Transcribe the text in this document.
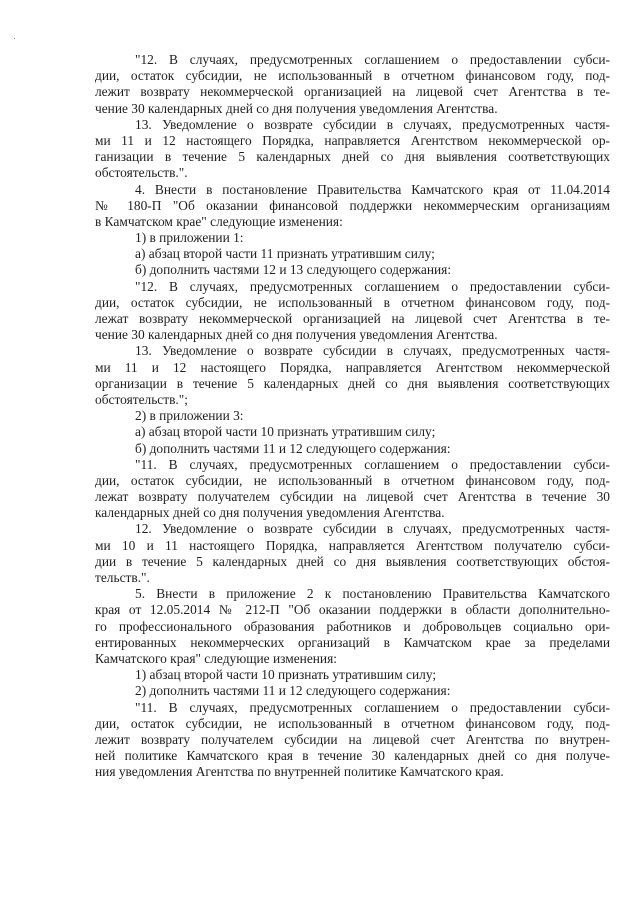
"12. В случаях, предусмотренных соглашением о предоставлении субси-
дии, остаток субсидии, не использованный в отчетном финансовом году, под-
лежит возврату некоммерческой организацией на лицевой счет Агентства в те-
чение 30 календарных дней со дня получения уведомления Агентства.
13. Уведомление о возврате субсидии в случаях, предусмотренных частя-
ми 11 и 12 настоящего Порядка, направляется Агентством некоммерческой ор-
ганизации в течение 5 календарных дней со дня выявления соответствующих
обстоятельств.".
4. Внести в постановление Правительства Камчатского края от 11.04.2014
№ 180-П "Об оказании финансовой поддержки некоммерческим организациям
в Камчатском крае" следующие изменения:
1) в приложении 1:
а) абзац второй части 11 признать утратившим силу;
б) дополнить частями 12 и 13 следующего содержания:
"12. В случаях, предусмотренных соглашением о предоставлении субси-
дии, остаток субсидии, не использованный в отчетном финансовом году, под-
лежат возврату некоммерческой организацией на лицевой счет Агентства в те-
чение 30 календарных дней со дня получения уведомления Агентства.
13. Уведомление о возврате субсидии в случаях, предусмотренных частя-
ми 11 и 12 настоящего Порядка, направляется Агентством некоммерческой
организации в течение 5 календарных дней со дня выявления соответствующих
обстоятельств.";
2) в приложении 3:
а) абзац второй части 10 признать утратившим силу;
б) дополнить частями 11 и 12 следующего содержания:
"11. В случаях, предусмотренных соглашением о предоставлении субси-
дии, остаток субсидии, не использованный в отчетном финансовом году, под-
лежат возврату получателем субсидии на лицевой счет Агентства в течение 30
календарных дней со дня получения уведомления Агентства.
12. Уведомление о возврате субсидии в случаях, предусмотренных частя-
ми 10 и 11 настоящего Порядка, направляется Агентством получателю субси-
дии в течение 5 календарных дней со дня выявления соответствующих обстоя-
тельств.".
5. Внести в приложение 2 к постановлению Правительства Камчатского
края от 12.05.2014 № 212-П "Об оказании поддержки в области дополнительно-
го профессионального образования работников и добровольцев социально ори-
ентированных некоммерческих организаций в Камчатском крае за пределами
Камчатского края" следующие изменения:
1) абзац второй части 10 признать утратившим силу;
2) дополнить частями 11 и 12 следующего содержания:
"11. В случаях, предусмотренных соглашением о предоставлении субси-
дии, остаток субсидии, не использованный в отчетном финансовом году, под-
лежит возврату получателем субсидии на лицевой счет Агентства по внутрен-
ней политике Камчатского края в течение 30 календарных дней со дня получе-
ния уведомления Агентства по внутренней политике Камчатского края.
